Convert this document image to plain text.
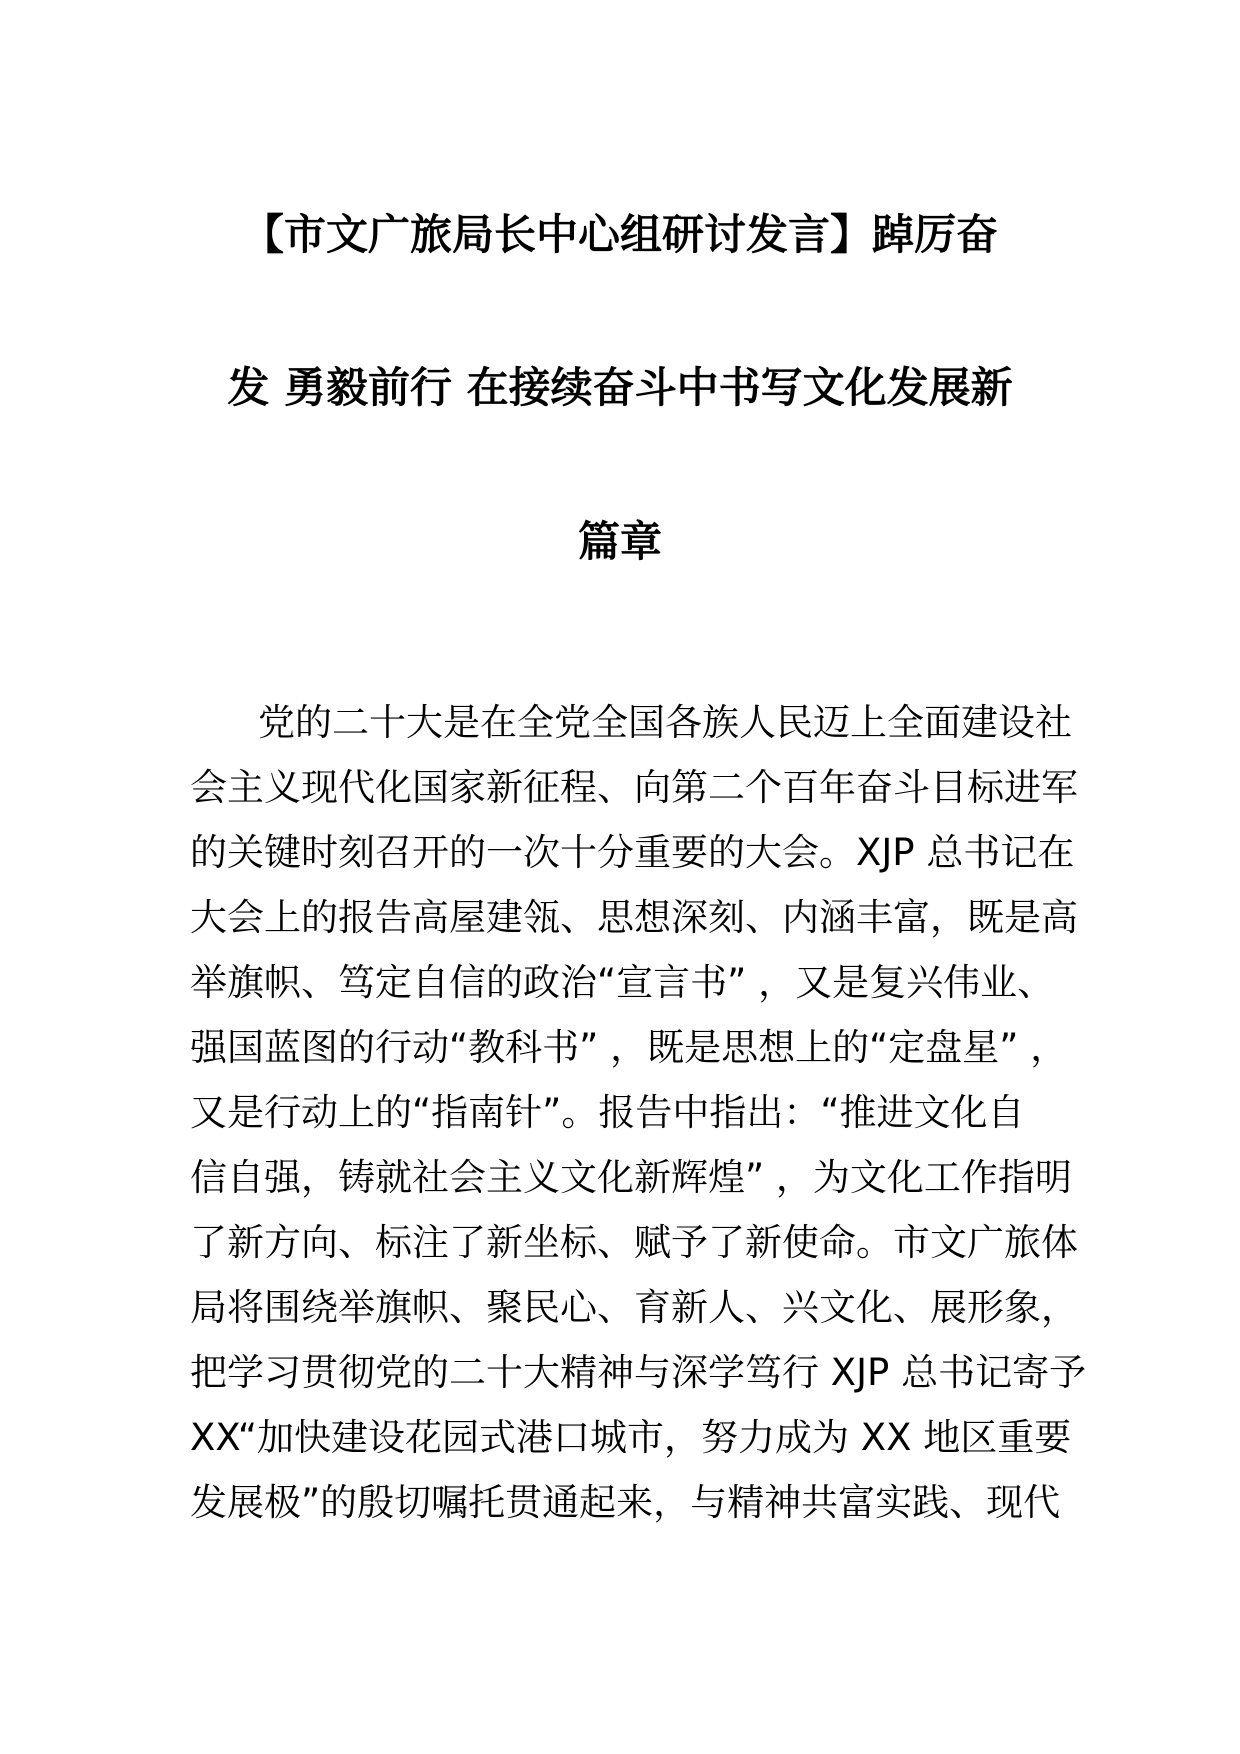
【市文广旅局长中心组研讨发言】踔厉奋
发 勇毅前行 在接续奋斗中书写文化发展新
篇章
党的二十大是在全党全国各族人民迈上全面建设社
会主义现代化国家新征程、向第二个百年奋斗目标进军
的关键时刻召开的一次十分重要的大会。XJP 总书记在
大会上的报告高屋建瓴、思想深刻、内涵丰富，既是高
举旗帜、笃定自信的政治“宣言书” ，又是复兴伟业、
强国蓝图的行动“教科书” ，既是思想上的“定盘星” ，
又是行动上的“指南针”。报告中指出：“推进文化自
信自强，铸就社会主义文化新辉煌” ，为文化工作指明
了新方向、标注了新坐标、赋予了新使命。市文广旅体
局将围绕举旗帜、聚民心、育新人、兴文化、展形象，
把学习贯彻党的二十大精神与深学笃行 XJP 总书记寄予
XX“加快建设花园式港口城市，努力成为 XX 地区重要
发展极”的殷切嘱托贯通起来，与精神共富实践、现代
